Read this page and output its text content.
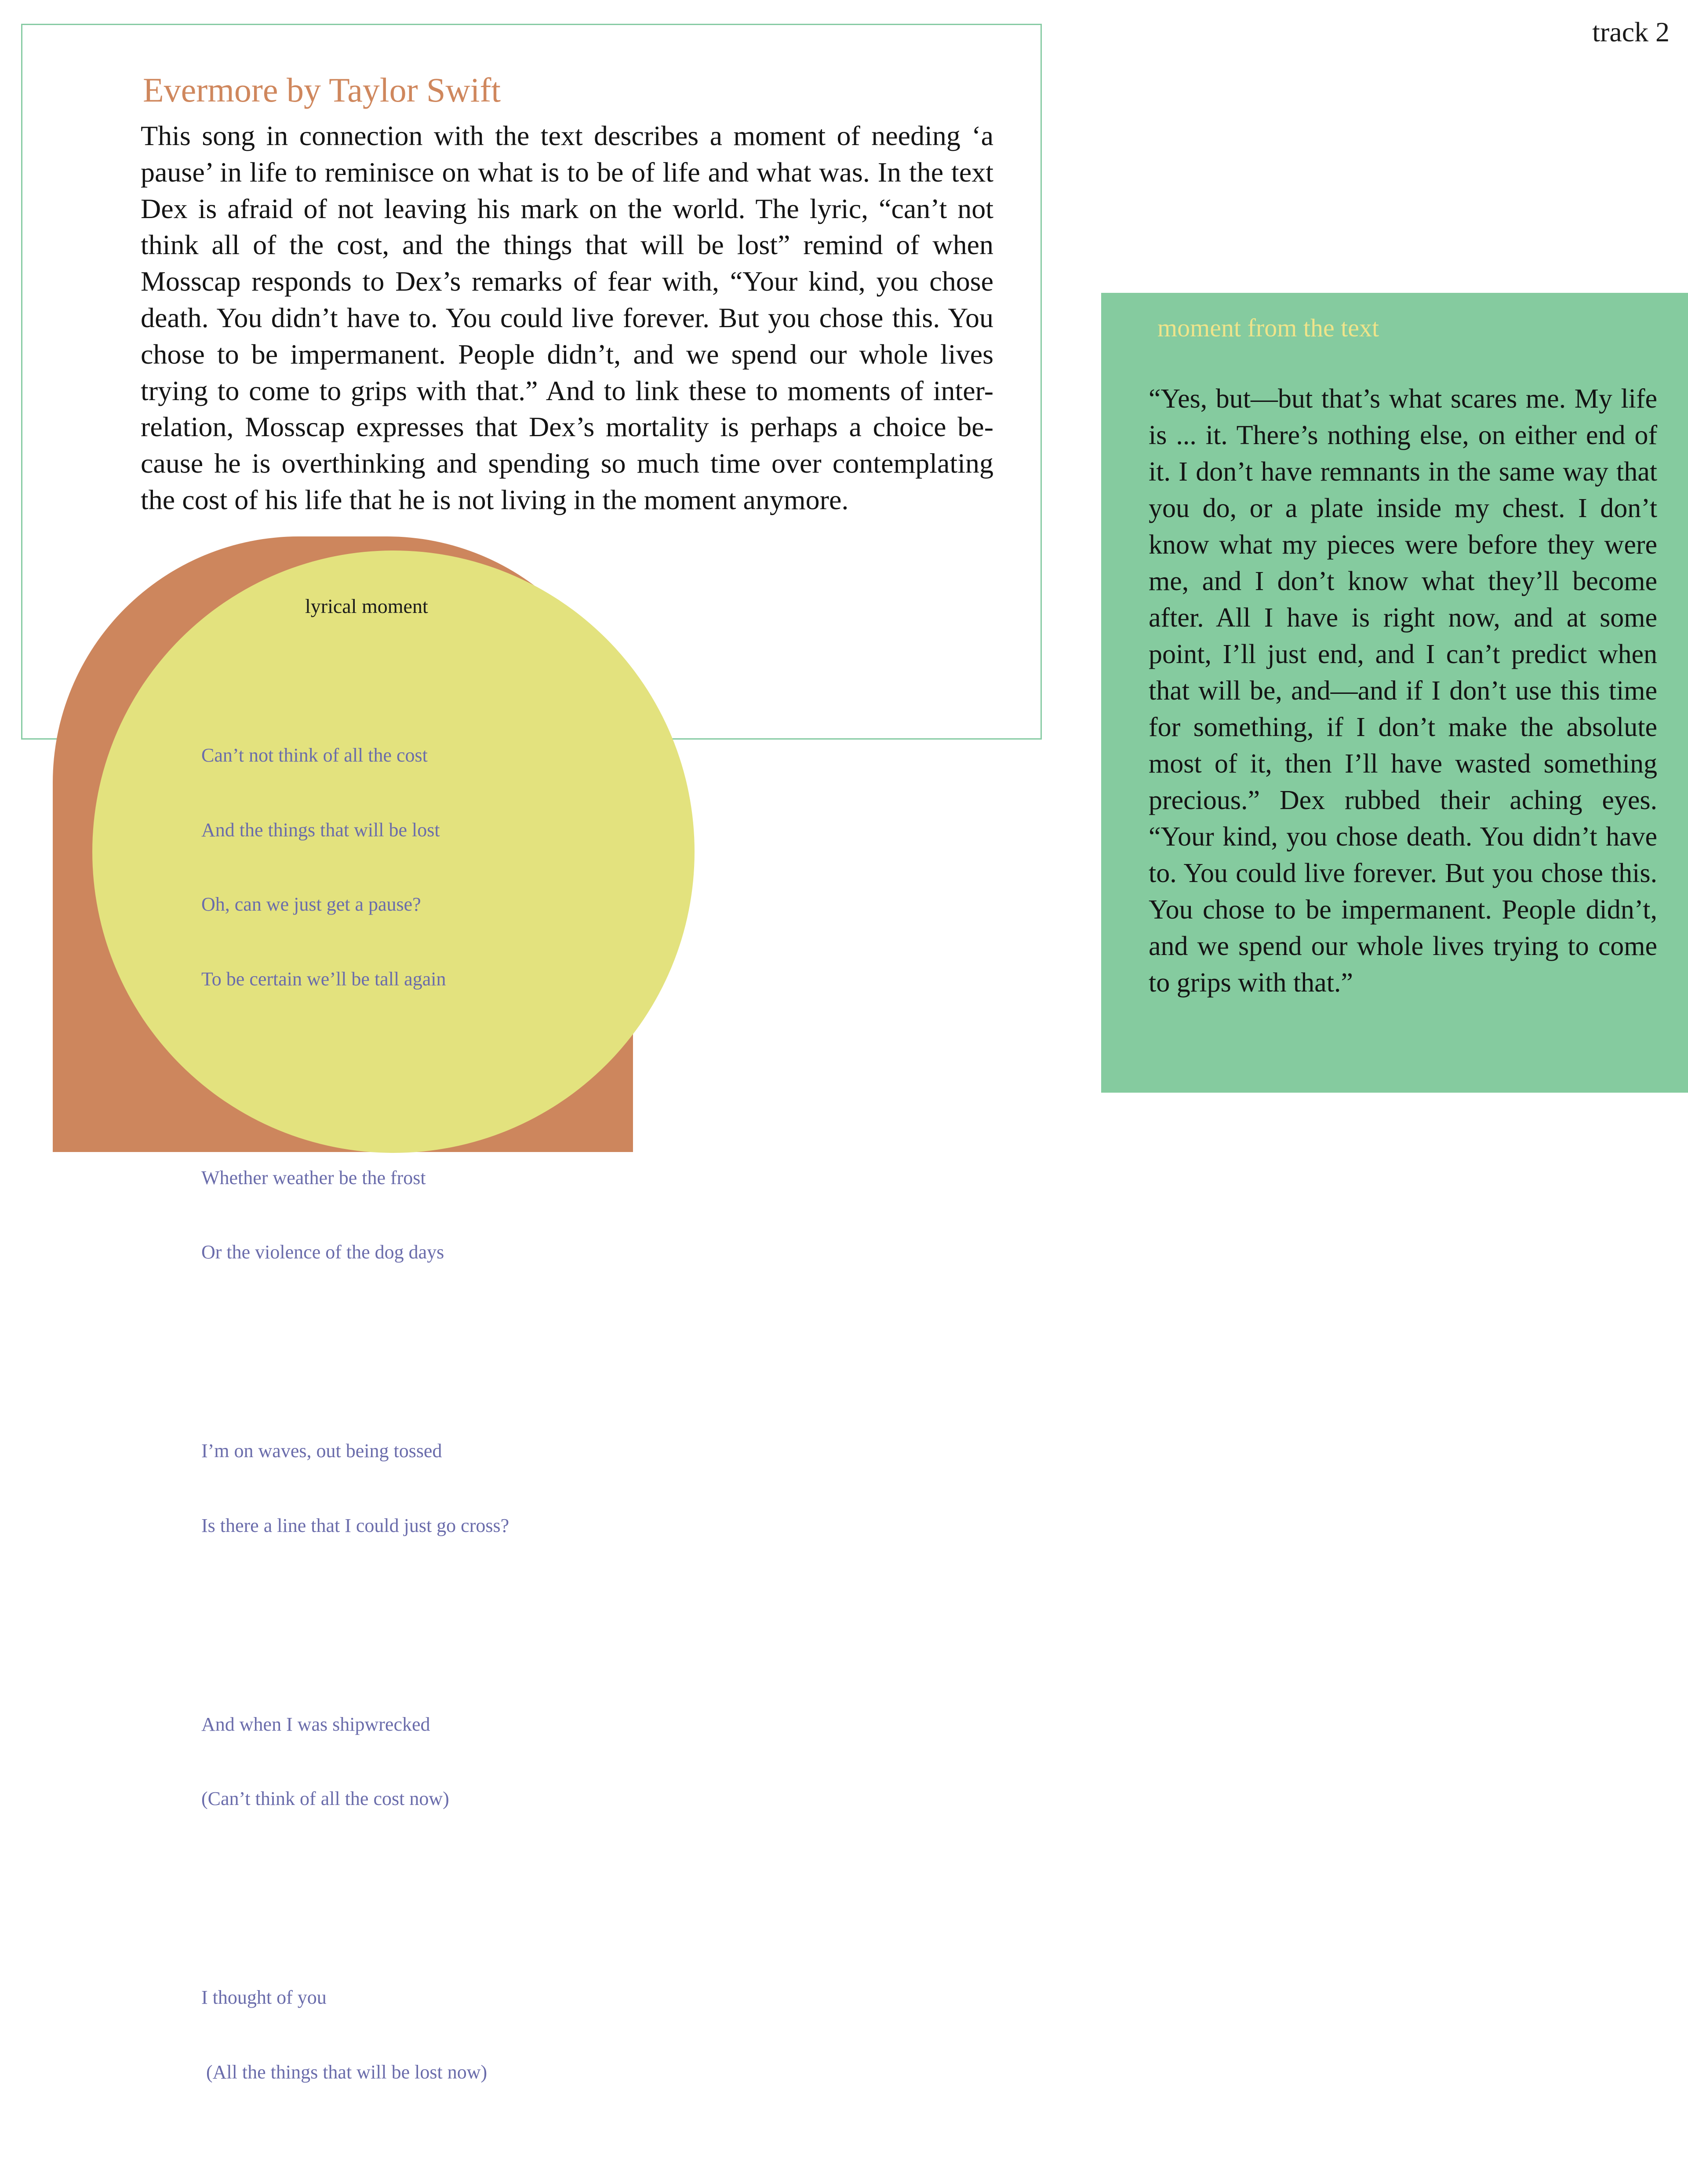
track 2
Evermore by Taylor Swift

This song in connection with the text describes a moment of needing ‘a pause’ in life to reminisce on what is to be of life and what was. In the text Dex is afraid of not leaving his mark on the world. The lyric, “can’t not think all of the cost, and the things that will be lost” remind of when Mosscap responds to Dex’s remarks of fear with, “Your kind, you chose death. You didn’t have to. You could live forever. But you chose this. You chose to be impermanent. People didn’t, and we spend our whole lives trying to come to grips with that.” And to link these to moments of inter-relation, Mosscap expresses that Dex’s mortality is perhaps a choice be-cause he is overthinking and spending so much time over contemplating the cost of his life that he is not living in the moment anymore.

lyrical moment

Can’t not think of all the cost

And the things that will be lost

Oh, can we just get a pause?

To be certain we’ll be tall again

Whether weather be the frost

Or the violence of the dog days

I’m on waves, out being tossed

Is there a line that I could just go cross?

And when I was shipwrecked

(Can’t think of all the cost now)

I thought of you

(All the things that will be lost now)

moment from the text

“Yes, but—but that’s what scares me. My life is ... it. There’s nothing else, on either end of it. I don’t have remnants in the same way that you do, or a plate inside my chest. I don’t know what my pieces were before they were me, and I don’t know what they’ll become after. All I have is right now, and at some point, I’ll just end, and I can’t predict when that will be, and—and if I don’t use this time for something, if I don’t make the absolute most of it, then I’ll have wasted something precious.” Dex rubbed their aching eyes. “Your kind, you chose death. You didn’t have to. You could live forever. But you chose this. You chose to be impermanent. People didn’t, and we spend our whole lives trying to come to grips with that.”
